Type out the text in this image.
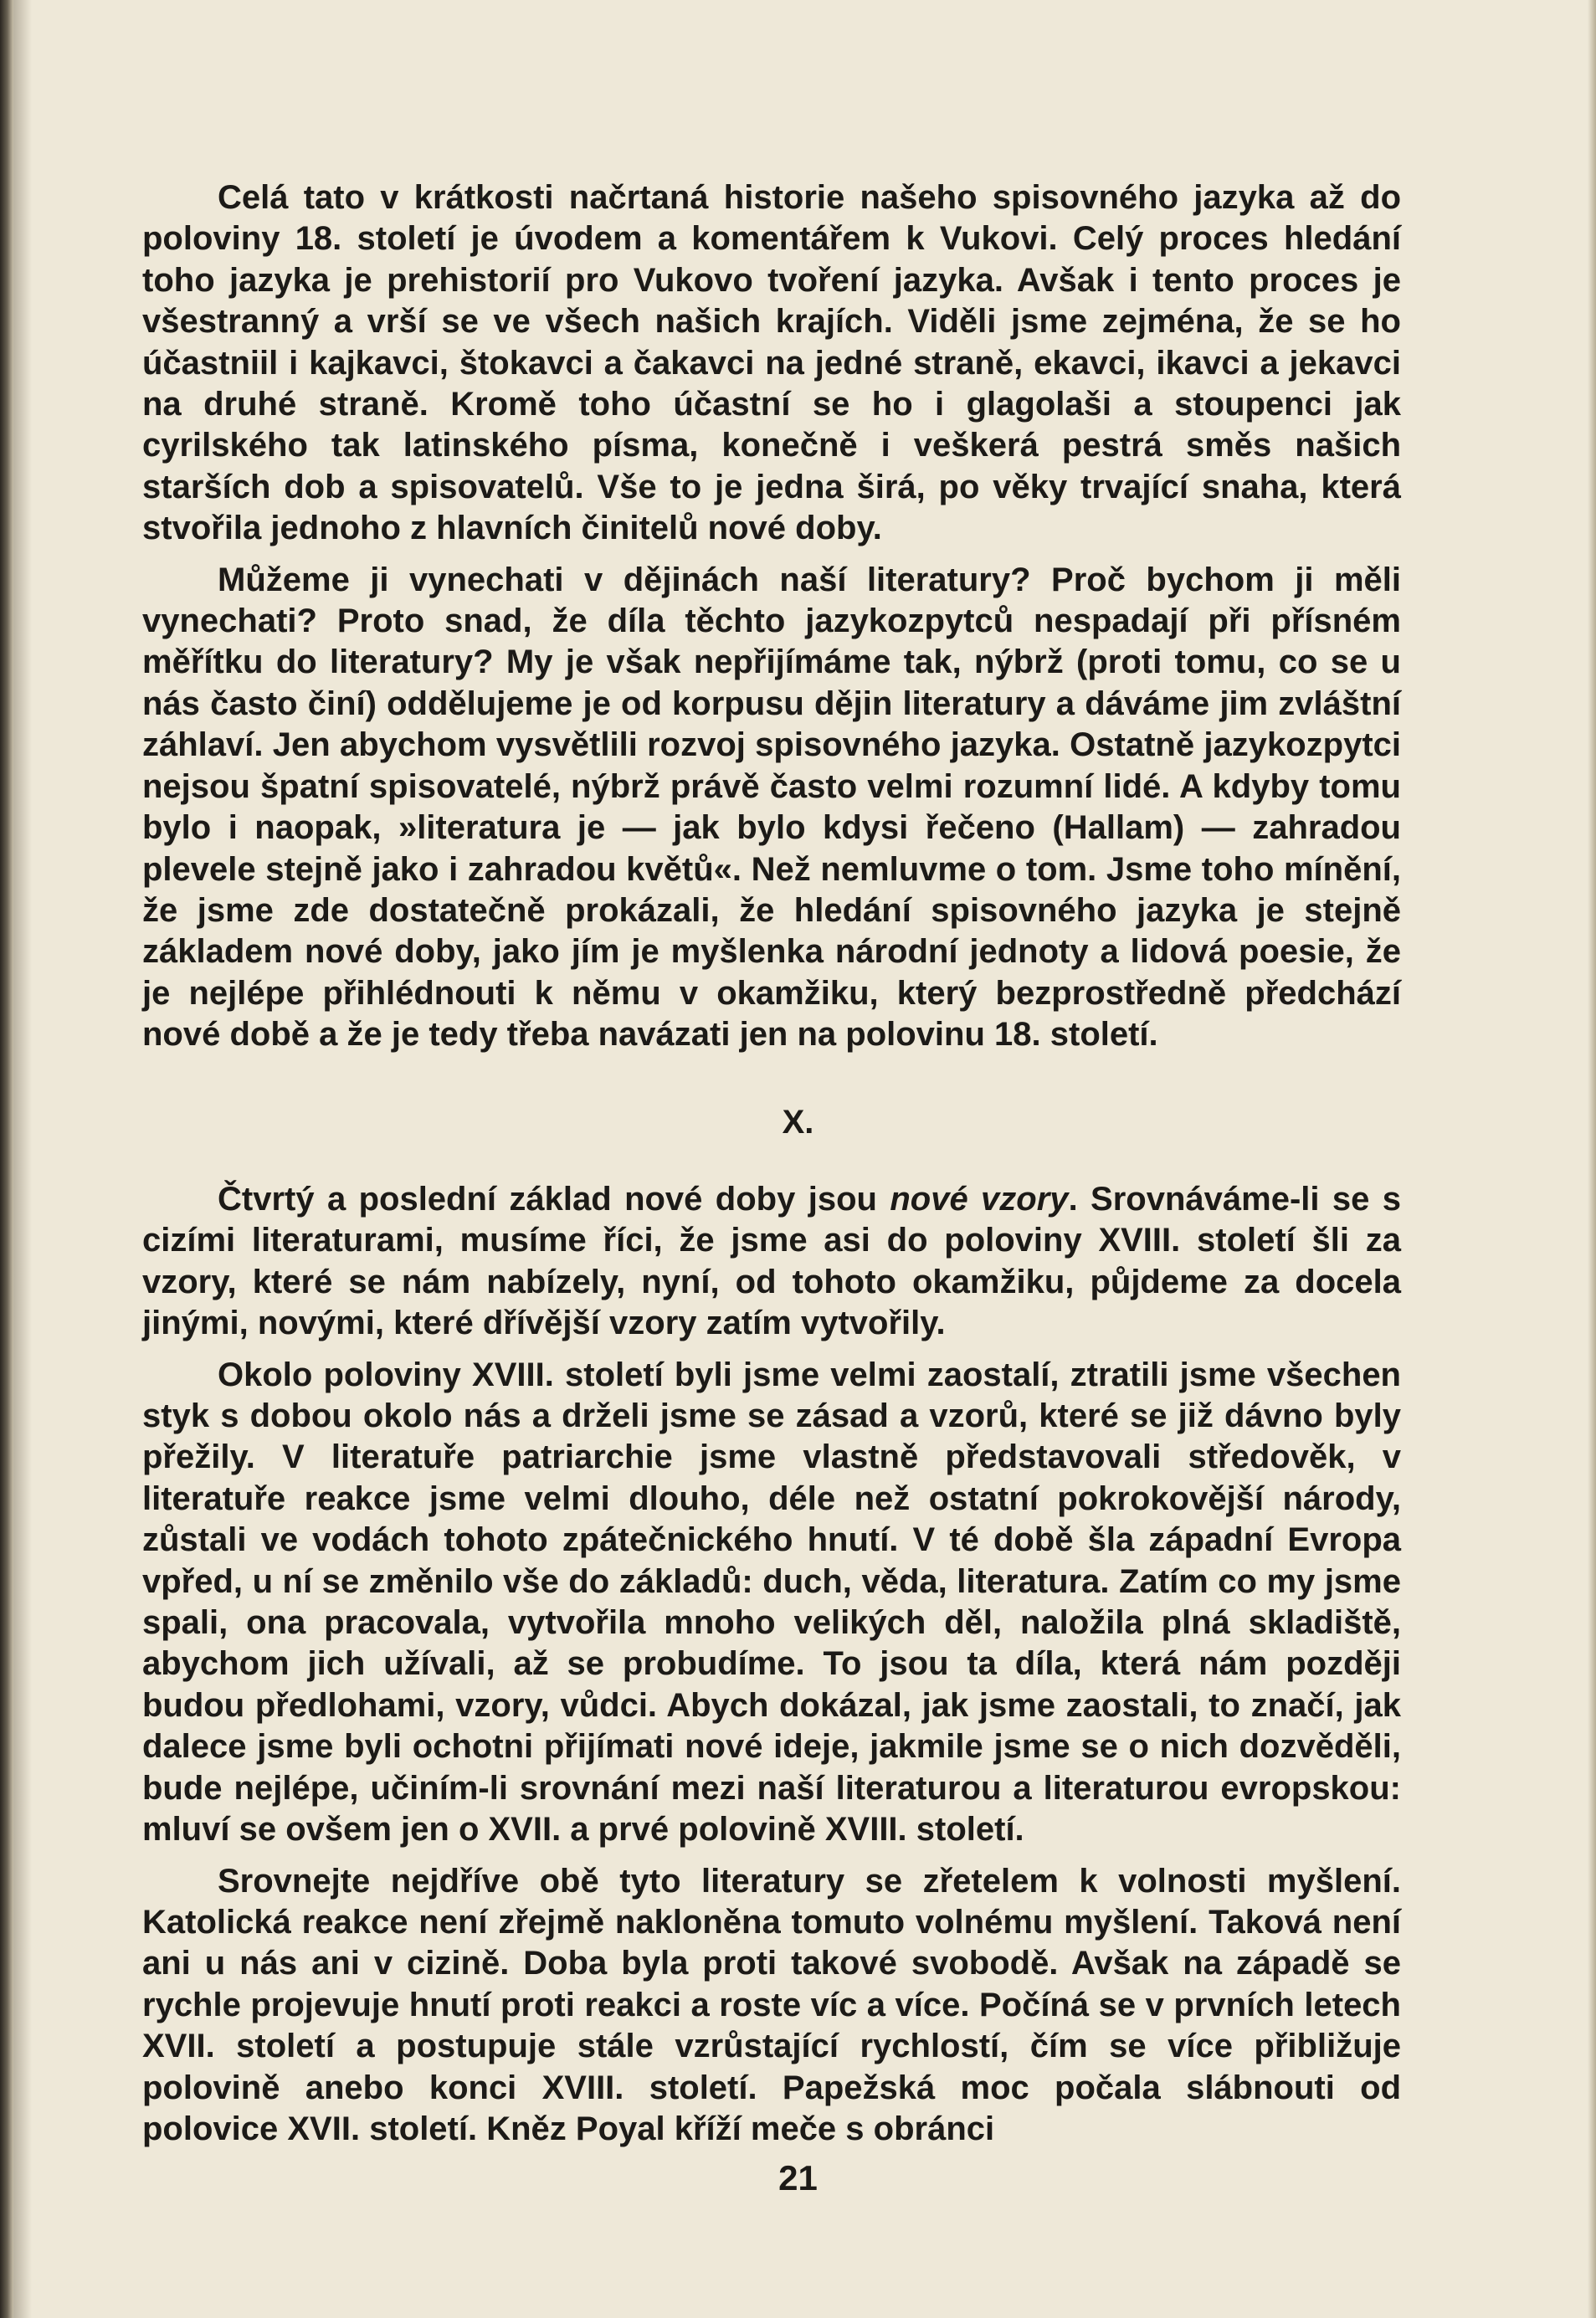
Celá tato v krátkosti načrtaná historie našeho spisovného jazyka až do poloviny 18. století je úvodem a komentářem k Vukovi. Celý proces hledání toho jazyka je prehistorií pro Vukovo tvoření jazyka. Avšak i tento proces je všestranný a vrší se ve všech našich krajích. Viděli jsme zejména, že se ho účastniil i kajkavci, štokavci a čakavci na jedné straně, ekavci, ikavci a jekavci na druhé straně. Kromě toho účastní se ho i glagolaši a stoupenci jak cyrilského tak latinského písma, konečně i veškerá pestrá směs našich starších dob a spisovatelů. Vše to je jedna širá, po věky trvající snaha, která stvořila jednoho z hlavních činitelů nové doby.

Můžeme ji vynechati v dějinách naší literatury? Proč bychom ji měli vynechati? Proto snad, že díla těchto jazykozpytců nespadají při přísném měřítku do literatury? My je však nepřijímáme tak, nýbrž (proti tomu, co se u nás často činí) oddělujeme je od korpusu dějin literatury a dáváme jim zvláštní záhlaví. Jen abychom vysvětlili rozvoj spisovného jazyka. Ostatně jazykozpytci nejsou špatní spisovatelé, nýbrž právě často velmi rozumní lidé. A kdyby tomu bylo i naopak, »literatura je — jak bylo kdysi řečeno (Hallam) — zahradou plevele stejně jako i zahradou květů«. Než nemluvme o tom. Jsme toho mínění, že jsme zde dostatečně prokázali, že hledání spisovného jazyka je stejně základem nové doby, jako jím je myšlenka národní jednoty a lidová poesie, že je nejlépe přihlédnouti k němu v okamžiku, který bezprostředně předchází nové době a že je tedy třeba navázati jen na polovinu 18. století.

X.

Čtvrtý a poslední základ nové doby jsou nové vzory. Srovnáváme-li se s cizími literaturami, musíme říci, že jsme asi do poloviny XVIII. století šli za vzory, které se nám nabízely, nyní, od tohoto okamžiku, půjdeme za docela jinými, novými, které dřívější vzory zatím vytvořily.

Okolo poloviny XVIII. století byli jsme velmi zaostalí, ztratili jsme všechen styk s dobou okolo nás a drželi jsme se zásad a vzorů, které se již dávno byly přežily. V literatuře patriarchie jsme vlastně představovali středověk, v literatuře reakce jsme velmi dlouho, déle než ostatní pokrokovější národy, zůstali ve vodách tohoto zpátečnického hnutí. V té době šla západní Evropa vpřed, u ní se změnilo vše do základů: duch, věda, literatura. Zatím co my jsme spali, ona pracovala, vytvořila mnoho velikých děl, naložila plná skladiště, abychom jich užívali, až se probudíme. To jsou ta díla, která nám později budou předlohami, vzory, vůdci. Abych dokázal, jak jsme zaostali, to značí, jak dalece jsme byli ochotni přijímati nové ideje, jakmile jsme se o nich dozvěděli, bude nejlépe, učiním-li srovnání mezi naší literaturou a literaturou evropskou: mluví se ovšem jen o XVII. a prvé polovině XVIII. století.

Srovnejte nejdříve obě tyto literatury se zřetelem k volnosti myšlení. Katolická reakce není zřejmě nakloněna tomuto volnému myšlení. Taková není ani u nás ani v cizině. Doba byla proti takové svobodě. Avšak na západě se rychle projevuje hnutí proti reakci a roste víc a více. Počíná se v prvních letech XVII. století a postupuje stále vzrůstající rychlostí, čím se více přibližuje polovině anebo konci XVIII. století. Papežská moc počala slábnouti od polovice XVII. století. Kněz Poyal kříží meče s obránci

21
